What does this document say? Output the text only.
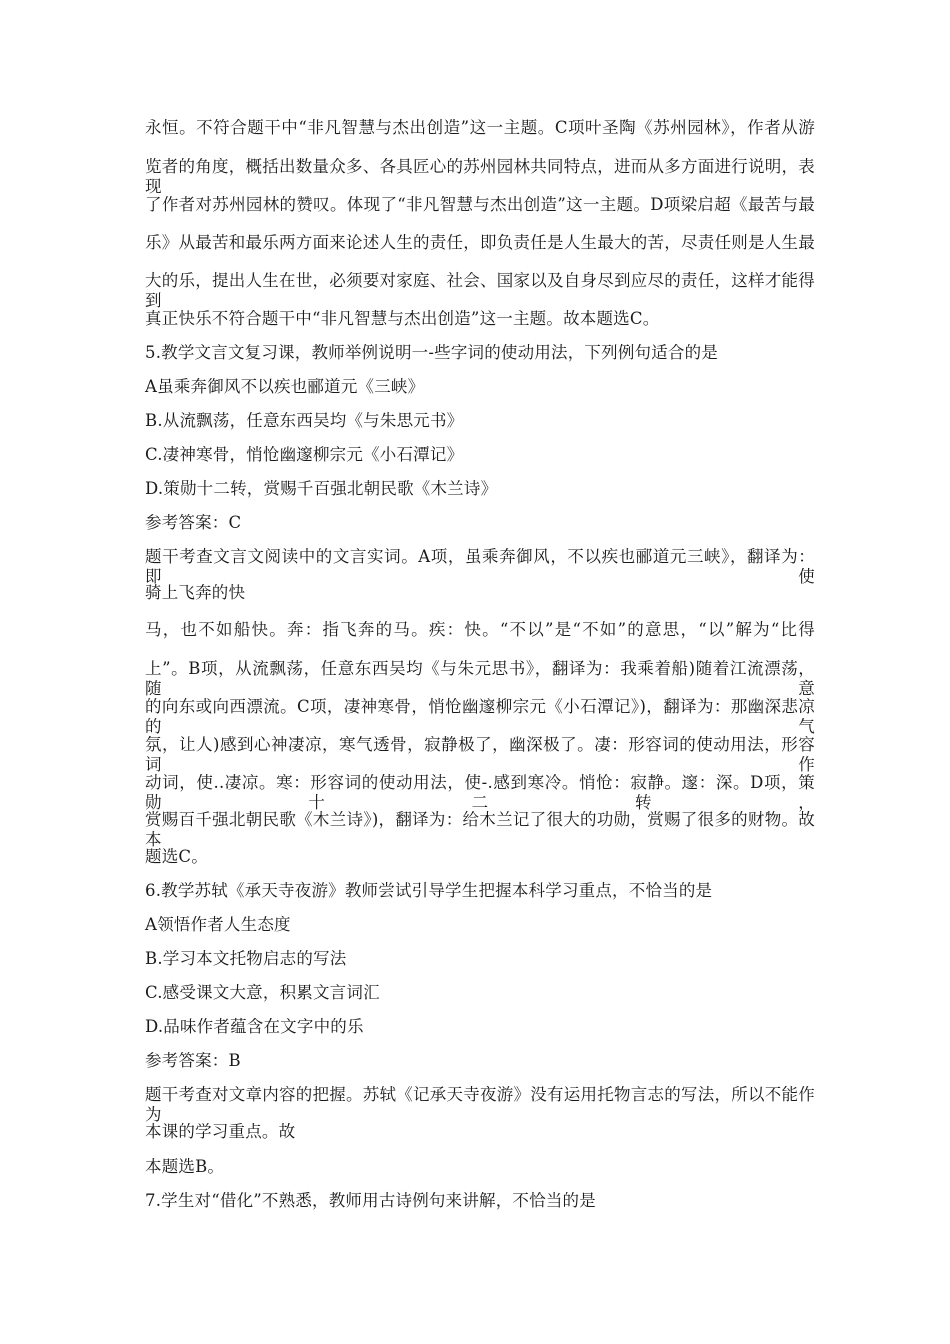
永恒。不符合题干中“非凡智慧与杰出创造”这一主题。C项叶圣陶《苏州园林》，作者从游
览者的角度，概括出数量众多、各具匠心的苏州园林共同特点，进而从多方面进行说明，表现
了作者对苏州园林的赞叹。体现了“非凡智慧与杰出创造”这一主题。D项梁启超《最苦与最
乐》从最苦和最乐两方面来论述人生的责任，即负责任是人生最大的苦，尽责任则是人生最
大的乐，提出人生在世，必须要对家庭、社会、国家以及自身尽到应尽的责任，这样才能得到
真正快乐不符合题干中“非凡智慧与杰出创造”这一主题。故本题选C。
5.教学文言文复习课，教师举例说明一-些字词的使动用法，下列例句适合的是
A虽乘奔御风不以疾也郦道元《三峡》
B.从流飘荡，任意东西吴均《与朱思元书》
C.凄神寒骨，悄怆幽邃柳宗元《小石潭记》
D.策勋十二转，赏赐千百强北朝民歌《木兰诗》
参考答案：C
题干考查文言文阅读中的文言实词。A项，虽乘奔御风，不以疾也郦道元三峡》，翻译为：即使
骑上飞奔的快
马，也不如船快。奔：指飞奔的马。疾：快。“不以”是“不如”的意思，“以”解为“比得
上”。B项，从流飘荡，任意东西吴均《与朱元思书》，翻译为：我乘着船)随着江流漂荡，随意
的向东或向西漂流。C项，凄神寒骨，悄怆幽邃柳宗元《小石潭记》)，翻译为：那幽深悲凉的气
氛，让人)感到心神凄凉，寒气透骨，寂静极了，幽深极了。凄：形容词的使动用法，形容词作
动词，使..凄凉。寒：形容词的使动用法，使-.感到寒冷。悄怆：寂静。邃：深。D项，策勋十二转，
赏赐百千强北朝民歌《木兰诗》)，翻译为：给木兰记了很大的功勋，赏赐了很多的财物。故本
题选C。
6.教学苏轼《承天寺夜游》教师尝试引导学生把握本科学习重点，不恰当的是
A领悟作者人生态度
B.学习本文托物启志的写法
C.感受课文大意，积累文言词汇
D.品味作者蕴含在文字中的乐
参考答案：B
题干考查对文章内容的把握。苏轼《记承天寺夜游》没有运用托物言志的写法，所以不能作为
本课的学习重点。故
本题选B。
7.学生对“借化”不熟悉，教师用古诗例句来讲解，不恰当的是
